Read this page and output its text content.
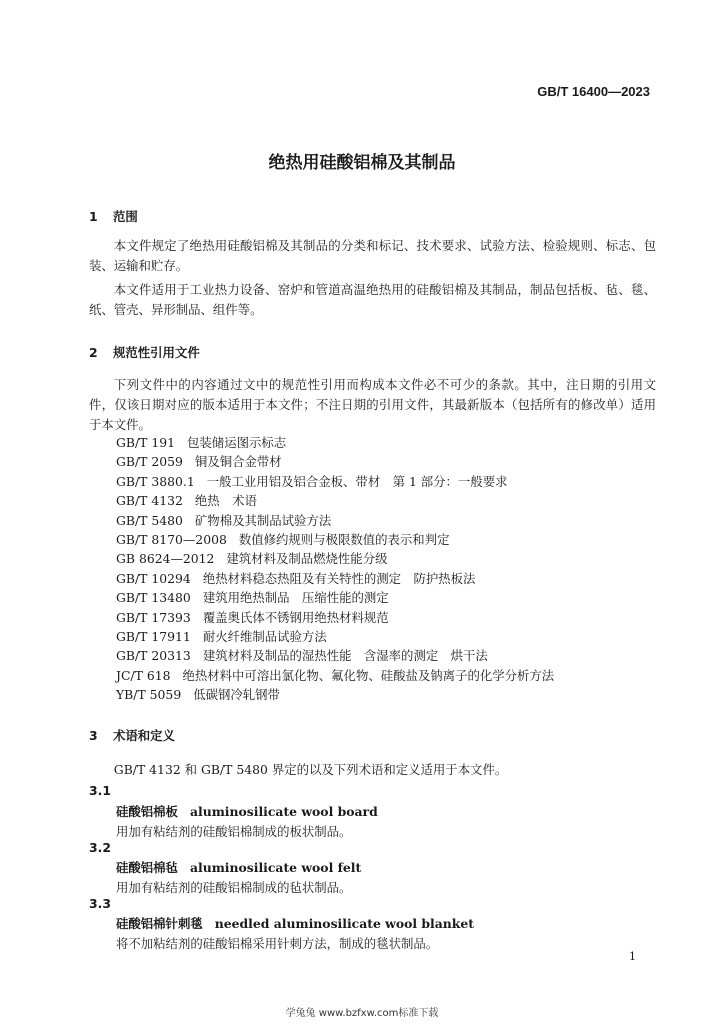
GB/T 16400—2023
绝热用硅酸铝棉及其制品
1 范围
本文件规定了绝热用硅酸铝棉及其制品的分类和标记、技术要求、试验方法、检验规则、标志、包装、运输和贮存。
本文件适用于工业热力设备、窑炉和管道高温绝热用的硅酸铝棉及其制品，制品包括板、毡、毯、纸、管壳、异形制品、组件等。
2 规范性引用文件
下列文件中的内容通过文中的规范性引用而构成本文件必不可少的条款。其中，注日期的引用文件，仅该日期对应的版本适用于本文件；不注日期的引用文件，其最新版本（包括所有的修改单）适用于本文件。
GB/T 191 包装储运图示标志
GB/T 2059 铜及铜合金带材
GB/T 3880.1 一般工业用铝及铝合金板、带材　第 1 部分：一般要求
GB/T 4132 绝热　术语
GB/T 5480 矿物棉及其制品试验方法
GB/T 8170—2008 数值修约规则与极限数值的表示和判定
GB 8624—2012 建筑材料及制品燃烧性能分级
GB/T 10294 绝热材料稳态热阻及有关特性的测定　防护热板法
GB/T 13480 建筑用绝热制品　压缩性能的测定
GB/T 17393 覆盖奥氏体不锈钢用绝热材料规范
GB/T 17911 耐火纤维制品试验方法
GB/T 20313 建筑材料及制品的湿热性能　含湿率的测定　烘干法
JC/T 618 绝热材料中可溶出氯化物、氟化物、硅酸盐及钠离子的化学分析方法
YB/T 5059 低碳钢冷轧钢带
3 术语和定义
GB/T 4132 和 GB/T 5480 界定的以及下列术语和定义适用于本文件。
3.1
硅酸铝棉板 aluminosilicate wool board
用加有粘结剂的硅酸铝棉制成的板状制品。
3.2
硅酸铝棉毡 aluminosilicate wool felt
用加有粘结剂的硅酸铝棉制成的毡状制品。
3.3
硅酸铝棉针刺毯 needled aluminosilicate wool blanket
将不加粘结剂的硅酸铝棉采用针刺方法，制成的毯状制品。
1
学兔兔 www.bzfxw.com标准下载
